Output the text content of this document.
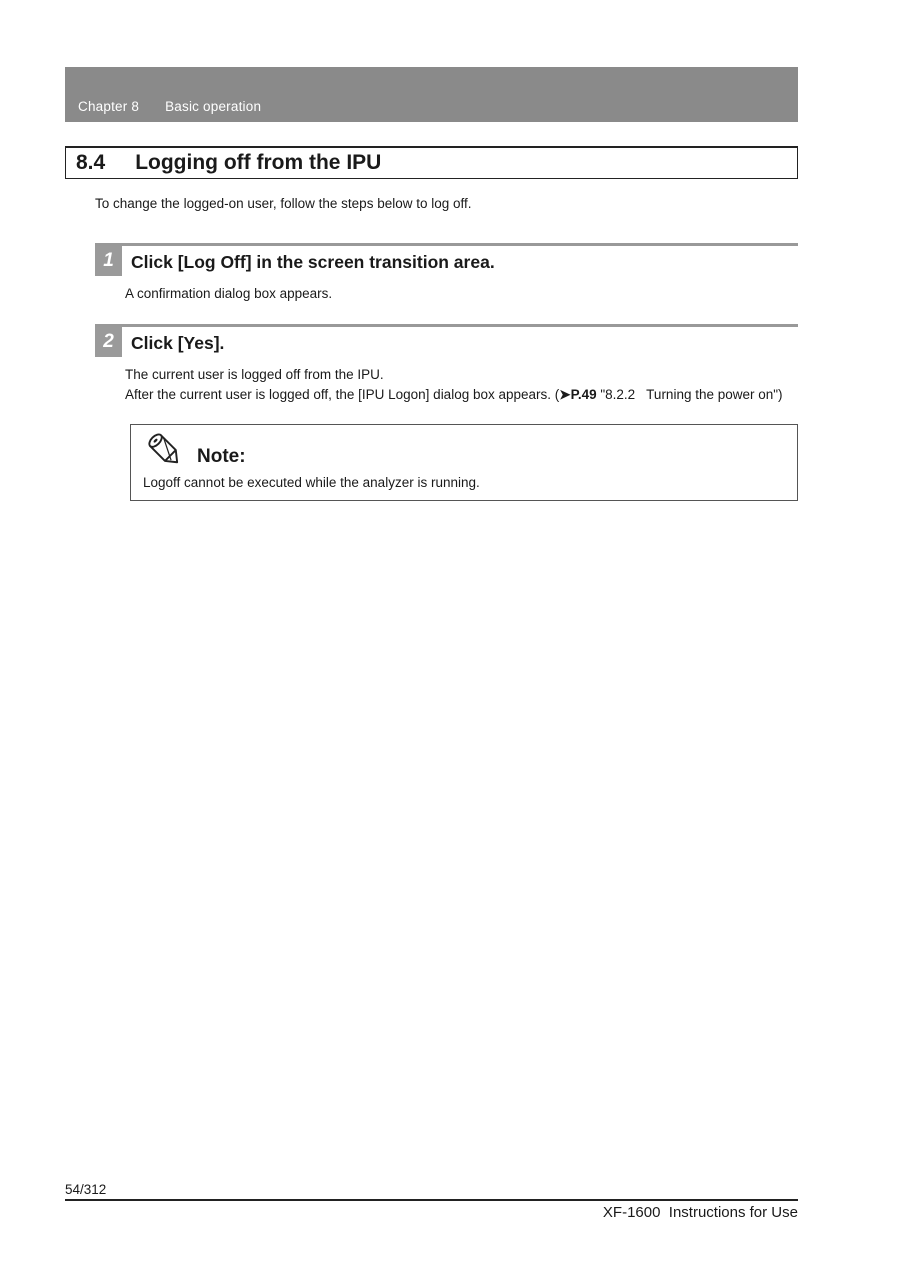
Chapter 8 Basic operation
8.4 Logging off from the IPU
To change the logged-on user, follow the steps below to log off.
1 Click [Log Off] in the screen transition area.

A confirmation dialog box appears.

2 Click [Yes].

The current user is logged off from the IPU.

After the current user is logged off, the [IPU Logon] dialog box appears. (➤P.49 "8.2.2   Turning the power on")

Note:
Logoff cannot be executed while the analyzer is running.
54/312
XF-1600  Instructions for Use
